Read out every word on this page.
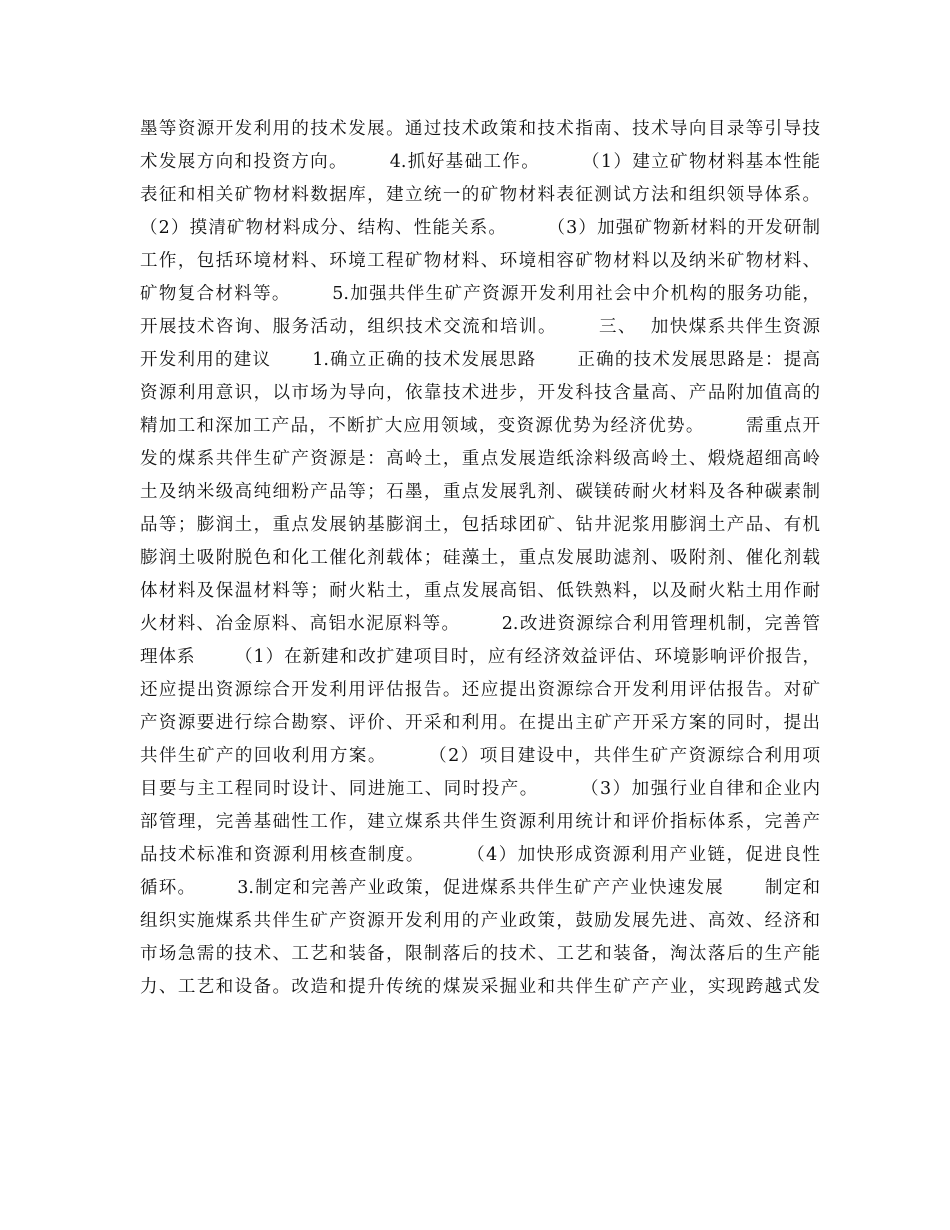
墨等资源开发利用的技术发展。通过技术政策和技术指南、技术导向目录等引导技
术发展方向和投资方向。      4.抓好基础工作。      （1）建立矿物材料基本性能
表征和相关矿物材料数据库，建立统一的矿物材料表征测试方法和组织领导体系。
（2）摸清矿物材料成分、结构、性能关系。      （3）加强矿物新材料的开发研制
工作，包括环境材料、环境工程矿物材料、环境相容矿物材料以及纳米矿物材料、
矿物复合材料等。      5.加强共伴生矿产资源开发利用社会中介机构的服务功能，
开展技术咨询、服务活动，组织技术交流和培训。      三、  加快煤系共伴生资源
开发利用的建议      1.确立正确的技术发展思路      正确的技术发展思路是：提高
资源利用意识，以市场为导向，依靠技术进步，开发科技含量高、产品附加值高的
精加工和深加工产品，不断扩大应用领域，变资源优势为经济优势。      需重点开
发的煤系共伴生矿产资源是：高岭土，重点发展造纸涂料级高岭土、煅烧超细高岭
土及纳米级高纯细粉产品等；石墨，重点发展乳剂、碳镁砖耐火材料及各种碳素制
品等；膨润土，重点发展钠基膨润土，包括球团矿、钻井泥浆用膨润土产品、有机
膨润土吸附脱色和化工催化剂载体；硅藻土，重点发展助滤剂、吸附剂、催化剂载
体材料及保温材料等；耐火粘土，重点发展高铝、低铁熟料，以及耐火粘土用作耐
火材料、冶金原料、高铝水泥原料等。      2.改进资源综合利用管理机制，完善管
理体系      （1）在新建和改扩建项目时，应有经济效益评估、环境影响评价报告，
还应提出资源综合开发利用评估报告。还应提出资源综合开发利用评估报告。对矿
产资源要进行综合勘察、评价、开采和利用。在提出主矿产开采方案的同时，提出
共伴生矿产的回收利用方案。      （2）项目建设中，共伴生矿产资源综合利用项
目要与主工程同时设计、同进施工、同时投产。      （3）加强行业自律和企业内
部管理，完善基础性工作，建立煤系共伴生资源利用统计和评价指标体系，完善产
品技术标准和资源利用核查制度。      （4）加快形成资源利用产业链，促进良性
循环。      3.制定和完善产业政策，促进煤系共伴生矿产产业快速发展      制定和
组织实施煤系共伴生矿产资源开发利用的产业政策，鼓励发展先进、高效、经济和
市场急需的技术、工艺和装备，限制落后的技术、工艺和装备，淘汰落后的生产能
力、工艺和设备。改造和提升传统的煤炭采掘业和共伴生矿产产业，实现跨越式发
